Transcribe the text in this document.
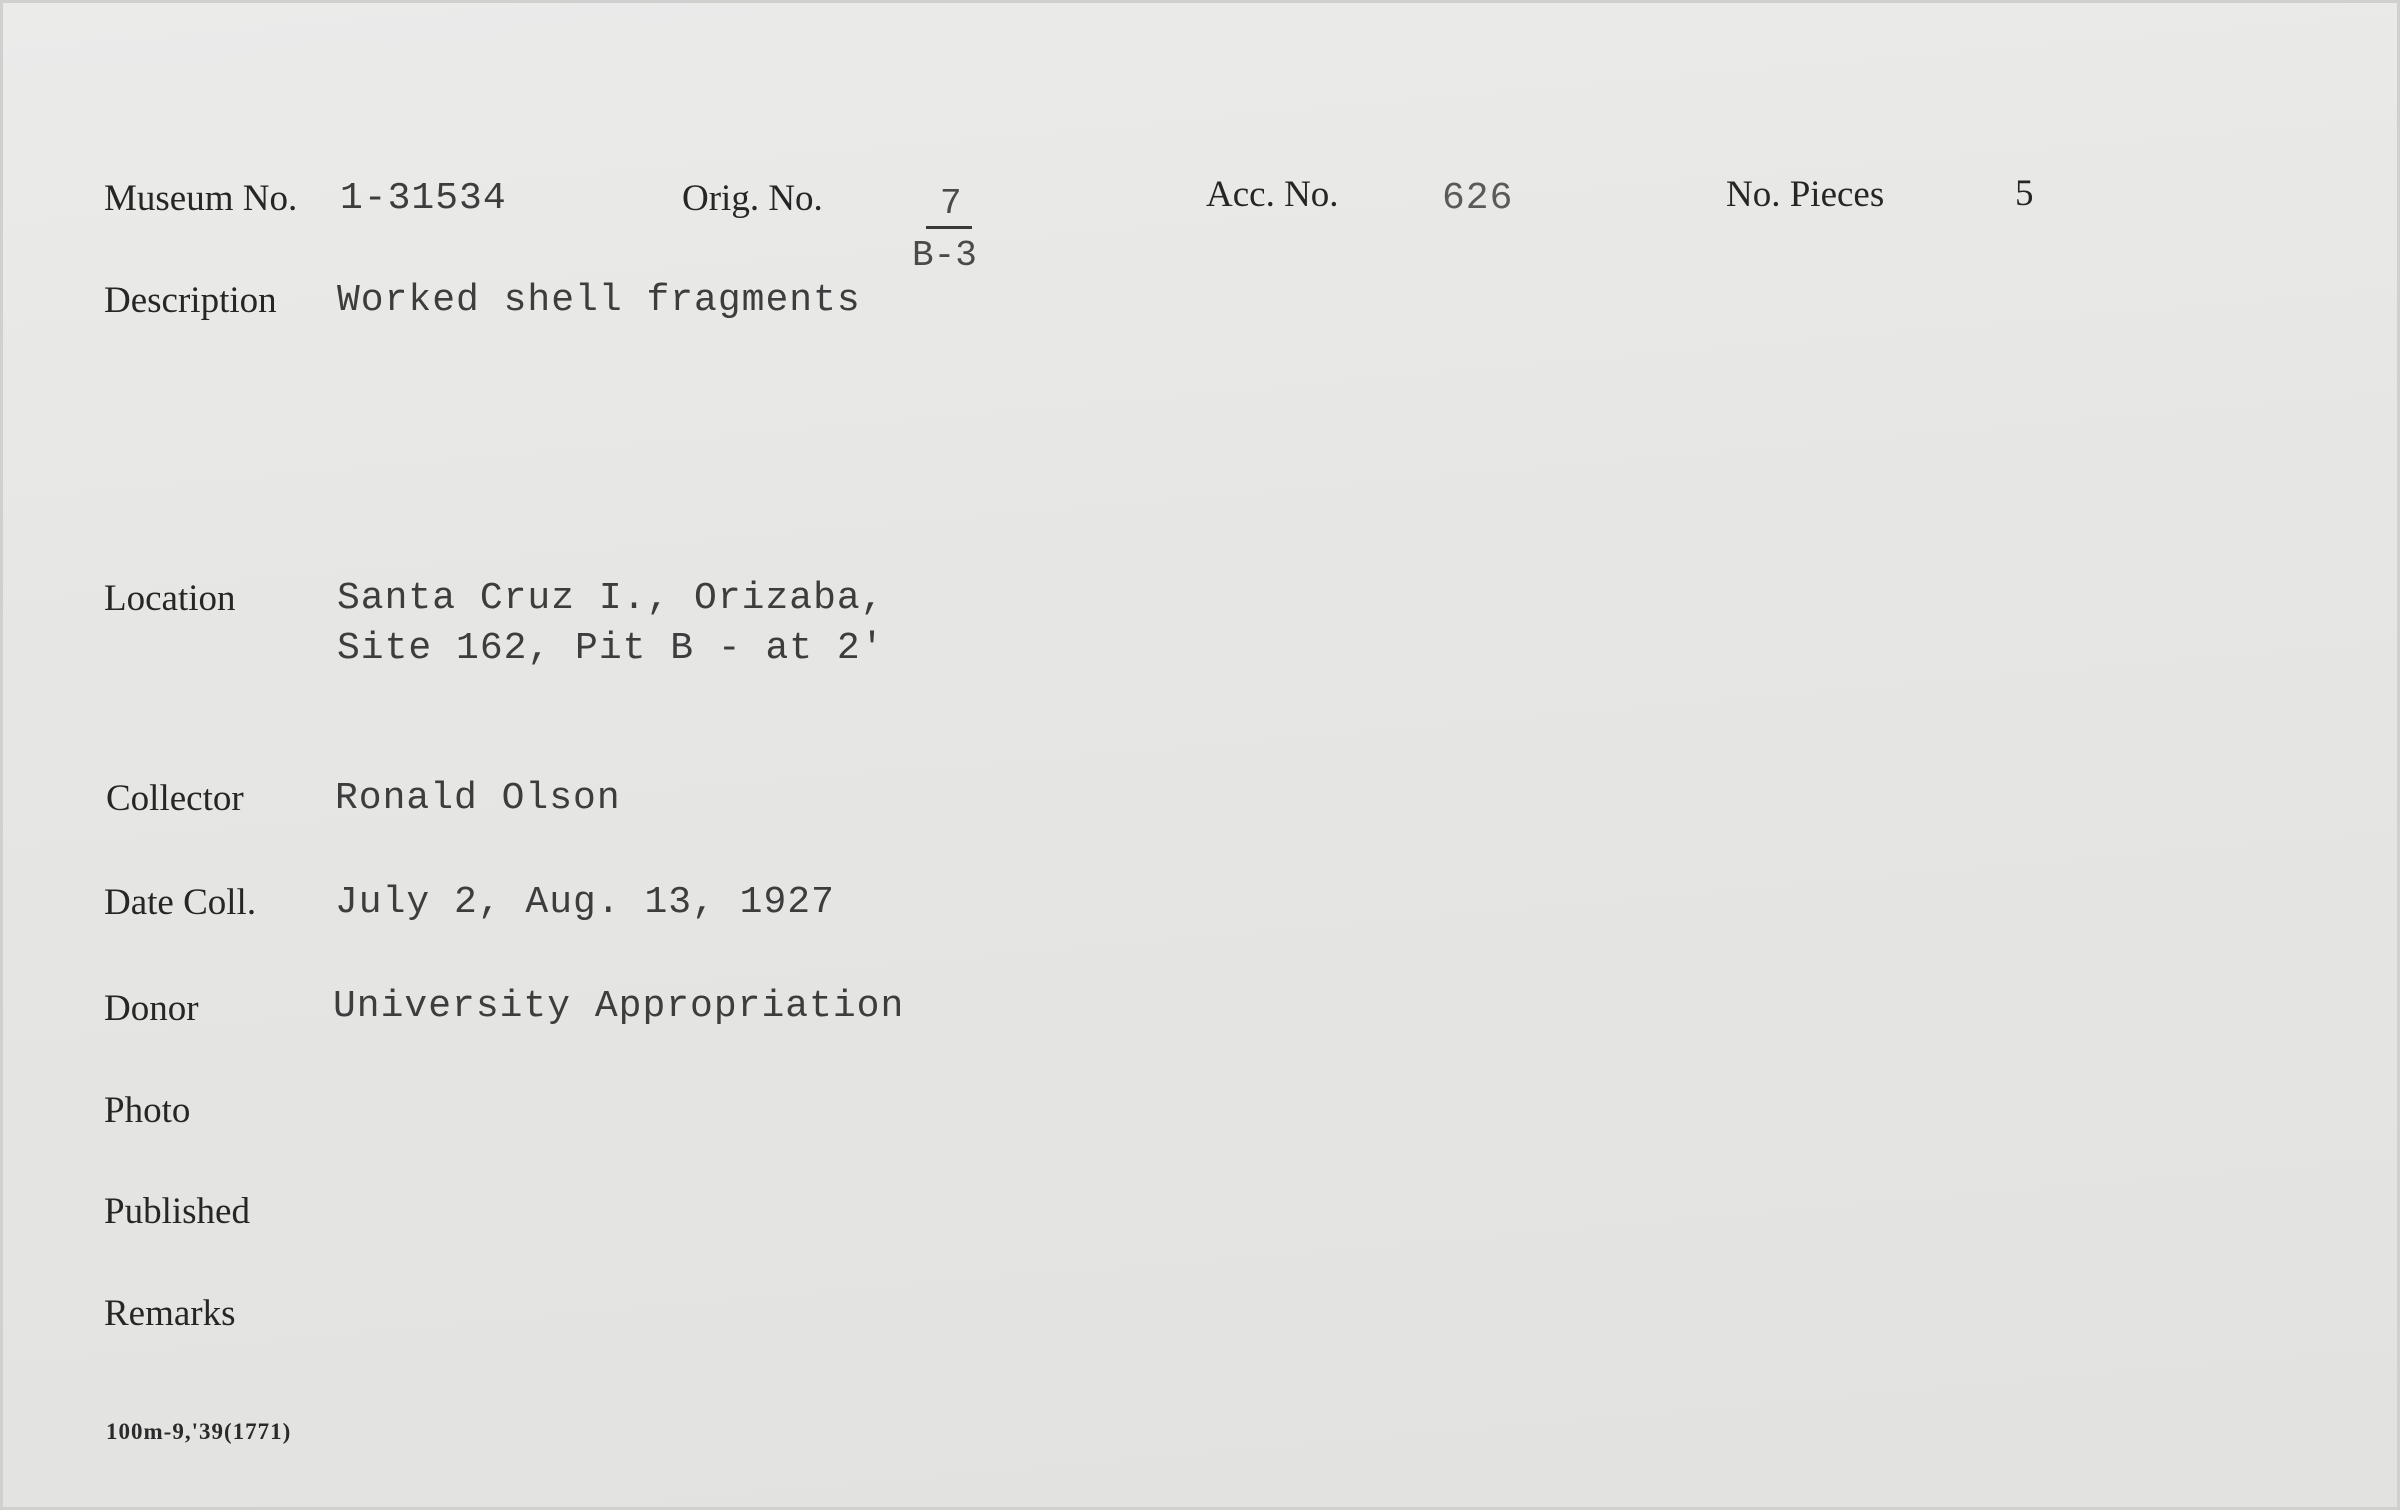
Museum No. 1-31534	Orig. No.	7
B-3
Acc. No.	626	No. Pieces	5
Description Worked shell fragments
Location	Santa Cruz I., Orizaba,
Site 162, Pit B - at 2'
Collector Ronald Olson
Date Coll. July 2, Aug. 13, 1927
Donor	University Appropriation
Photo
Published
Remarks
100m-9,'39(1771)
